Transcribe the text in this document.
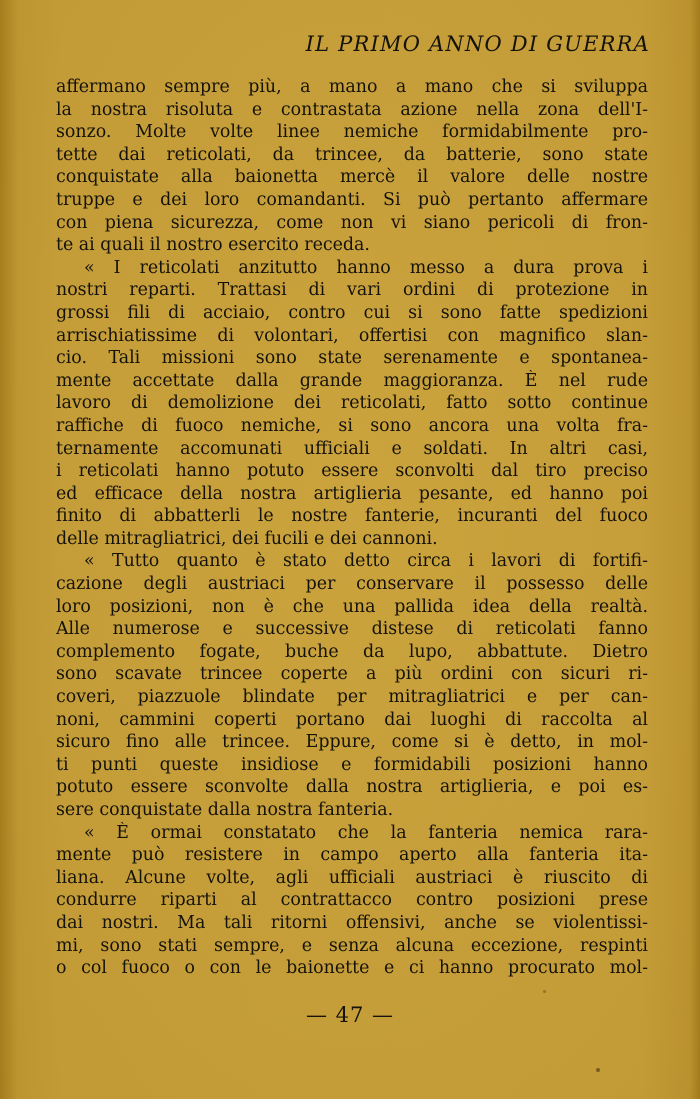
IL PRIMO ANNO DI GUERRA
affermano sempre più, a mano a mano che si sviluppa
la nostra risoluta e contrastata azione nella zona dell'I-
sonzo. Molte volte linee nemiche formidabilmente pro-
tette dai reticolati, da trincee, da batterie, sono state
conquistate alla baionetta mercè il valore delle nostre
truppe e dei loro comandanti. Si può pertanto affermare
con piena sicurezza, come non vi siano pericoli di fron-
te ai quali il nostro esercito receda.
« I reticolati anzitutto hanno messo a dura prova i
nostri reparti. Trattasi di vari ordini di protezione in
grossi fili di acciaio, contro cui si sono fatte spedizioni
arrischiatissime di volontari, offertisi con magnifico slan-
cio. Tali missioni sono state serenamente e spontanea-
mente accettate dalla grande maggioranza. È nel rude
lavoro di demolizione dei reticolati, fatto sotto continue
raffiche di fuoco nemiche, si sono ancora una volta fra-
ternamente accomunati ufficiali e soldati. In altri casi,
i reticolati hanno potuto essere sconvolti dal tiro preciso
ed efficace della nostra artiglieria pesante, ed hanno poi
finito di abbatterli le nostre fanterie, incuranti del fuoco
delle mitragliatrici, dei fucili e dei cannoni.
« Tutto quanto è stato detto circa i lavori di fortifi-
cazione degli austriaci per conservare il possesso delle
loro posizioni, non è che una pallida idea della realtà.
Alle numerose e successive distese di reticolati fanno
complemento fogate, buche da lupo, abbattute. Dietro
sono scavate trincee coperte a più ordini con sicuri ri-
coveri, piazzuole blindate per mitragliatrici e per can-
noni, cammini coperti portano dai luoghi di raccolta al
sicuro fino alle trincee. Eppure, come si è detto, in mol-
ti punti queste insidiose e formidabili posizioni hanno
potuto essere sconvolte dalla nostra artiglieria, e poi es-
sere conquistate dalla nostra fanteria.
« È ormai constatato che la fanteria nemica rara-
mente può resistere in campo aperto alla fanteria ita-
liana. Alcune volte, agli ufficiali austriaci è riuscito di
condurre riparti al contrattacco contro posizioni prese
dai nostri. Ma tali ritorni offensivi, anche se violentissi-
mi, sono stati sempre, e senza alcuna eccezione, respinti
o col fuoco o con le baionette e ci hanno procurato mol-
— 47 —
